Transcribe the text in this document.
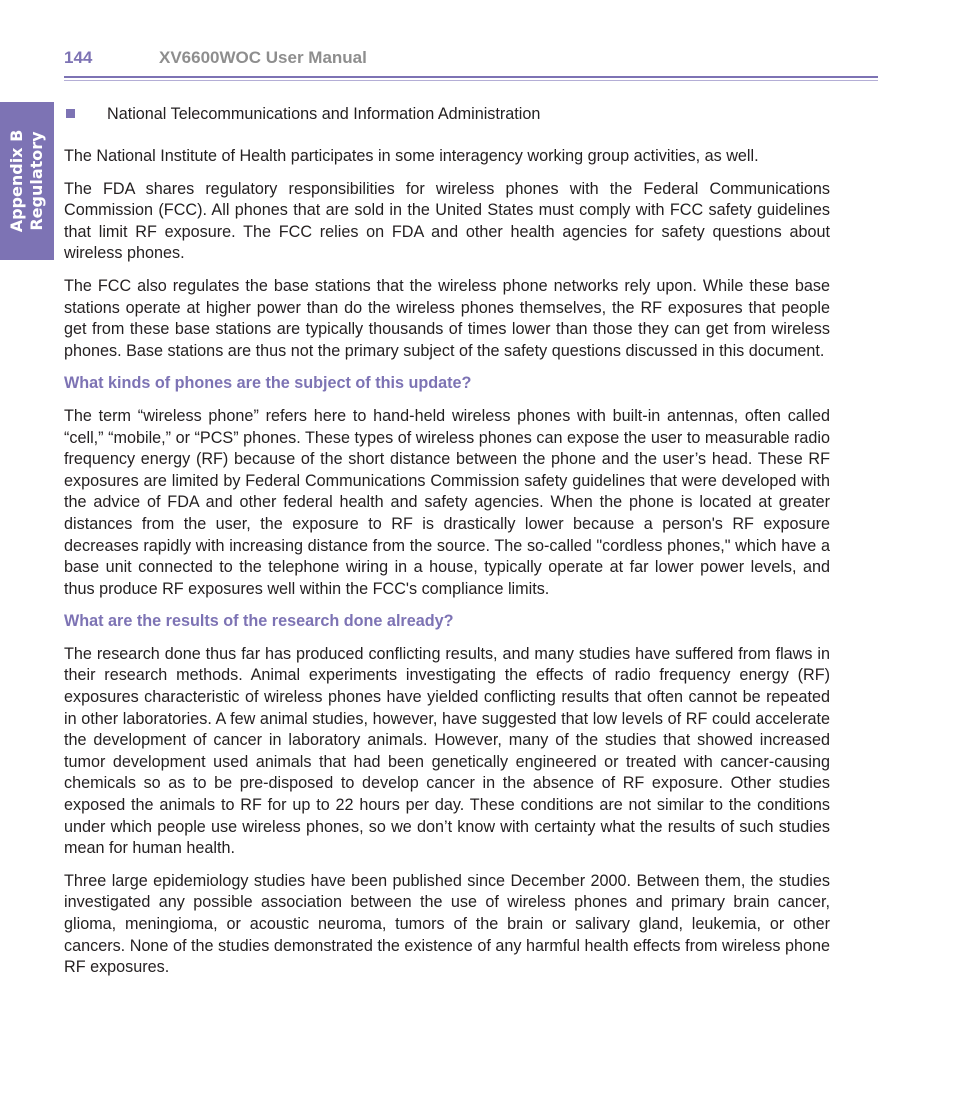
144	XV6600WOC User Manual
Appendix B Regulatory
National Telecommunications and Information Administration

The National Institute of Health participates in some interagency working group activities, as well.

The FDA shares regulatory responsibilities for wireless phones with the Federal Communications Commission (FCC). All phones that are sold in the United States must comply with FCC safety guidelines that limit RF exposure. The FCC relies on FDA and other health agencies for safety questions about wireless phones.

The FCC also regulates the base stations that the wireless phone networks rely upon. While these base stations operate at higher power than do the wireless phones themselves, the RF exposures that people get from these base stations are typically thousands of times lower than those they can get from wireless phones. Base stations are thus not the primary subject of the safety questions discussed in this document.

What kinds of phones are the subject of this update?

The term “wireless phone” refers here to hand-held wireless phones with built-in antennas, often called “cell,” “mobile,” or “PCS” phones. These types of wireless phones can expose the user to measurable radio frequency energy (RF) because of the short distance between the phone and the user’s head. These RF exposures are limited by Federal Communications Commission safety guidelines that were developed with the advice of FDA and other federal health and safety agencies. When the phone is located at greater distances from the user, the exposure to RF is drastically lower because a person's RF exposure decreases rapidly with increasing distance from the source. The so-called "cordless phones," which have a base unit connected to the telephone wiring in a house, typically operate at far lower power levels, and thus produce RF exposures well within the FCC's compliance limits.

What are the results of the research done already?

The research done thus far has produced conflicting results, and many studies have suffered from flaws in their research methods. Animal experiments investigating the effects of radio frequency energy (RF) exposures characteristic of wireless phones have yielded conflicting results that often cannot be repeated in other laboratories. A few animal studies, however, have suggested that low levels of RF could accelerate the development of cancer in laboratory animals. However, many of the studies that showed increased tumor development used animals that had been genetically engineered or treated with cancer-causing chemicals so as to be pre-disposed to develop cancer in the absence of RF exposure. Other studies exposed the animals to RF for up to 22 hours per day. These conditions are not similar to the conditions under which people use wireless phones, so we don’t know with certainty what the results of such studies mean for human health.

Three large epidemiology studies have been published since December 2000. Between them, the studies investigated any possible association between the use of wireless phones and primary brain cancer, glioma, meningioma, or acoustic neuroma, tumors of the brain or salivary gland, leukemia, or other cancers. None of the studies demonstrated the existence of any harmful health effects from wireless phone RF exposures.
